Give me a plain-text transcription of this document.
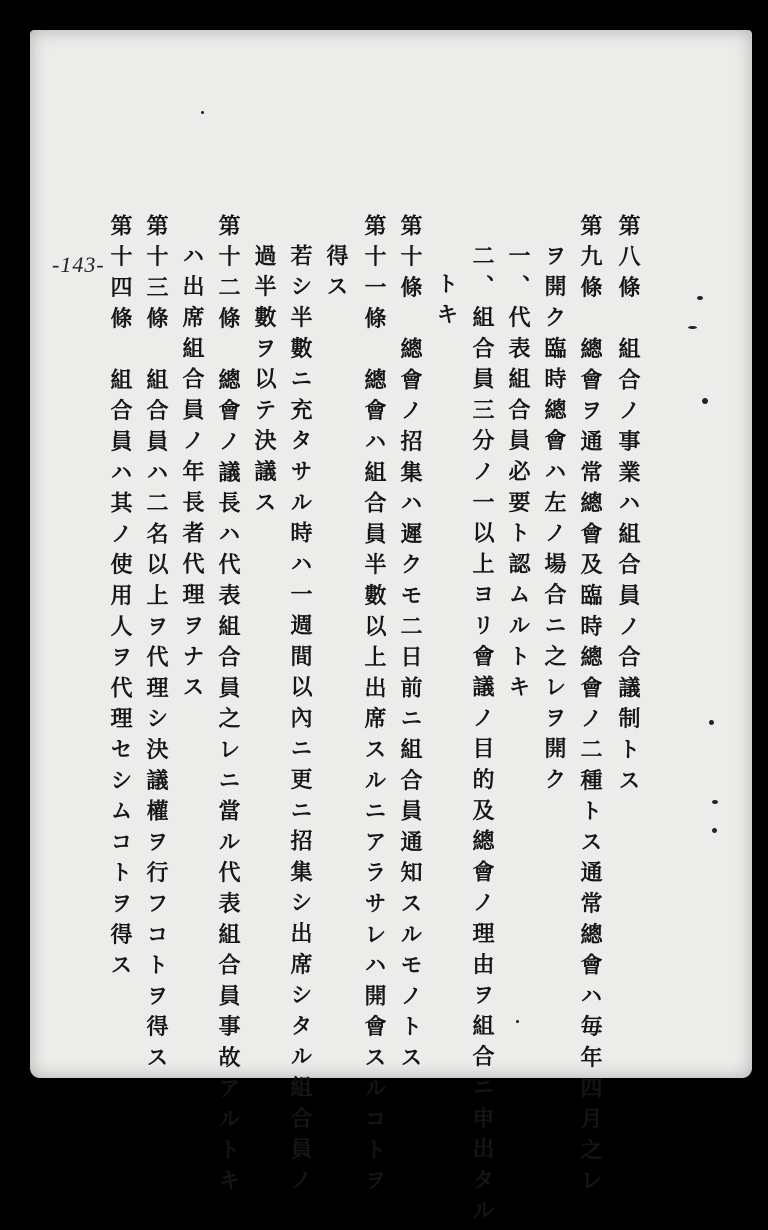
第八條　組合ノ事業ハ組合員ノ合議制トス
第九條　總會ヲ通常總會及臨時總會ノ二種トス通常總會ハ毎年四月之レ
ヲ開ク臨時總會ハ左ノ場合ニ之レヲ開ク
一、代表組合員必要ト認ムルトキ
二、組合員三分ノ一以上ヨリ會議ノ目的及總會ノ理由ヲ組合ニ申出タル
トキ
第十條　總會ノ招集ハ遲クモ二日前ニ組合員通知スルモノトス
第十一條　總會ハ組合員半數以上出席スルニアラサレハ開會スルコトヲ
得ス
若シ半數ニ充タサル時ハ一週間以內ニ更ニ招集シ出席シタル組合員ノ
過半數ヲ以テ決議ス
第十二條　總會ノ議長ハ代表組合員之レニ當ル代表組合員事故アルトキ
ハ出席組合員ノ年長者代理ヲナス
第十三條　組合員ハ二名以上ヲ代理シ決議權ヲ行フコトヲ得ス
第十四條　組合員ハ其ノ使用人ヲ代理セシムコトヲ得ス
-143-
